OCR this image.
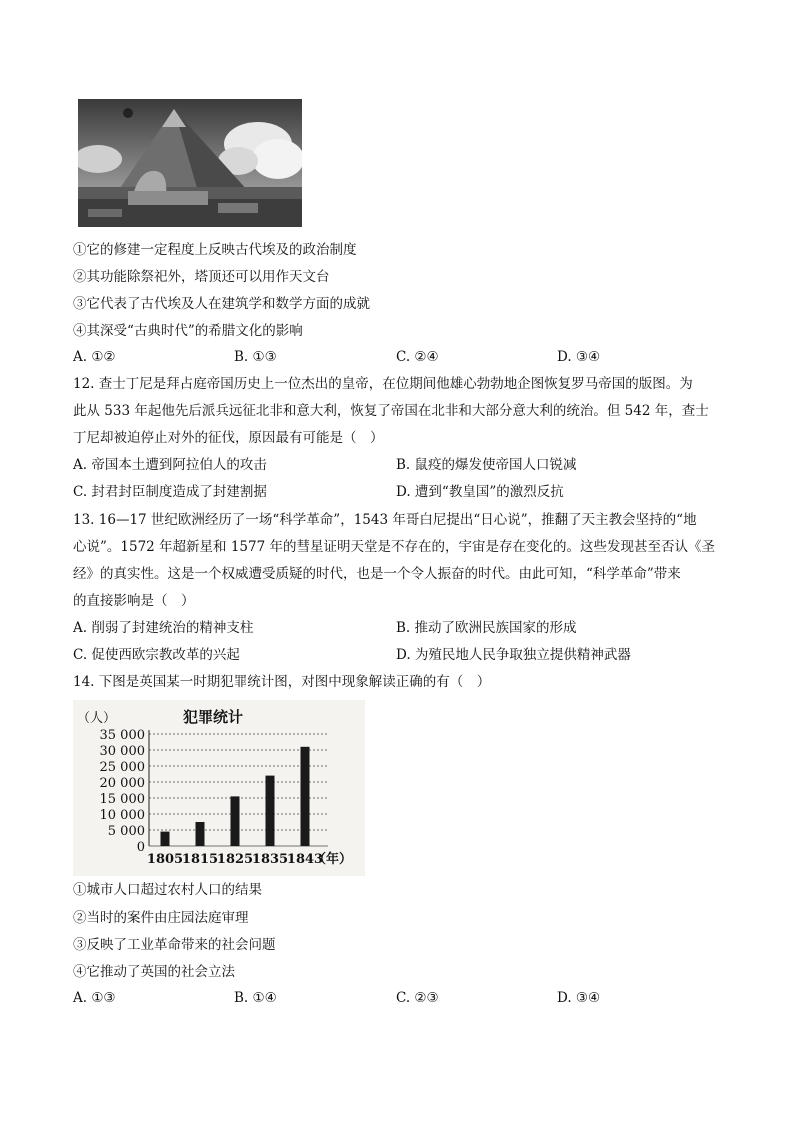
①它的修建一定程度上反映古代埃及的政治制度
②其功能除祭祀外，塔顶还可以用作天文台
③它代表了古代埃及人在建筑学和数学方面的成就
④其深受“古典时代”的希腊文化的影响
A. ①②	B. ①③	C. ②④	D. ③④
12. 查士丁尼是拜占庭帝国历史上一位杰出的皇帝，在位期间他雄心勃勃地企图恢复罗马帝国的版图。为
此从 533 年起他先后派兵远征北非和意大利，恢复了帝国在北非和大部分意大利的统治。但 542 年，查士
丁尼却被迫停止对外的征伐，原因最有可能是（　）
A. 帝国本土遭到阿拉伯人的攻击	B. 鼠疫的爆发使帝国人口锐减
C. 封君封臣制度造成了封建割据	D. 遭到“教皇国”的激烈反抗
13. 16—17 世纪欧洲经历了一场“科学革命”，1543 年哥白尼提出“日心说”，推翻了天主教会坚持的“地
心说”。1572 年超新星和 1577 年的彗星证明天堂是不存在的，宇宙是存在变化的。这些发现甚至否认《圣
经》的真实性。这是一个权威遭受质疑的时代，也是一个令人振奋的时代。由此可知，“科学革命”带来
的直接影响是（　）
A. 削弱了封建统治的精神支柱	B. 推动了欧洲民族国家的形成
C. 促使西欧宗教改革的兴起	D. 为殖民地人民争取独立提供精神武器
14. 下图是英国某一时期犯罪统计图，对图中现象解读正确的有（　）
犯罪统计
（人）
（年）
35 000
30 000
25 000
20 000
15 000
10 000
5 000
0
1805
1815
1825
1835
1843
①城市人口超过农村人口的结果
②当时的案件由庄园法庭审理
③反映了工业革命带来的社会问题
④它推动了英国的社会立法
A. ①③	B. ①④	C. ②③	D. ③④
